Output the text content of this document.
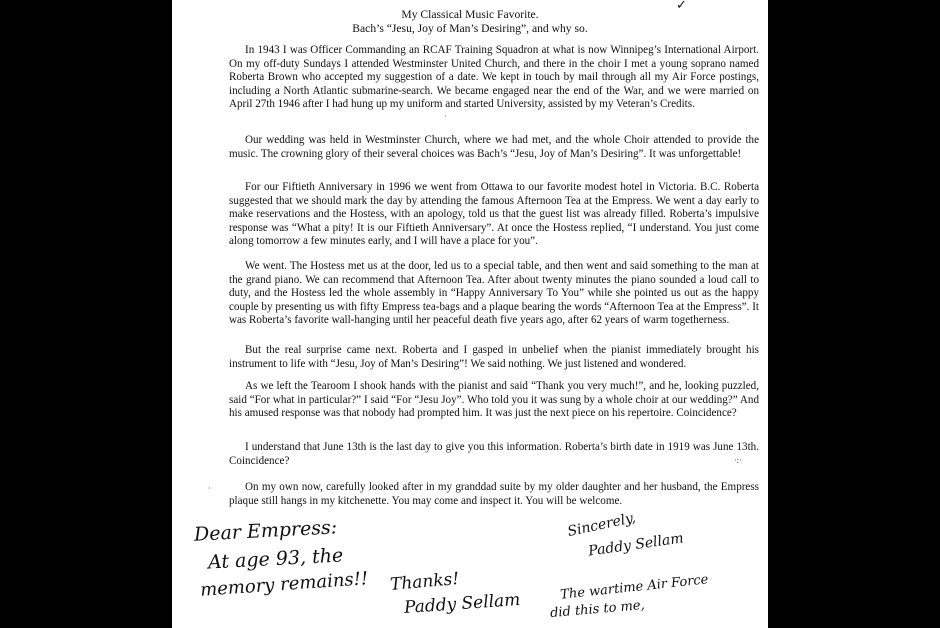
✓
My Classical Music Favorite.
Bach’s “Jesu, Joy of Man’s Desiring”, and why so.

In 1943 I was Officer Commanding an RCAF Training Squadron at what is now Winnipeg’s International Airport. On my off-duty Sundays I attended Westminster United Church, and there in the choir I met a young soprano named Roberta Brown who accepted my suggestion of a date. We kept in touch by mail through all my Air Force postings, including a North Atlantic submarine-search. We became engaged near the end of the War, and we were married on April 27th 1946 after I had hung up my uniform and started University, assisted by my Veteran’s Credits.

Our wedding was held in Westminster Church, where we had met, and the whole Choir attended to provide the music. The crowning glory of their several choices was Bach’s “Jesu, Joy of Man’s Desiring”. It was unforgettable!

For our Fiftieth Anniversary in 1996 we went from Ottawa to our favorite modest hotel in Victoria. B.C. Roberta suggested that we should mark the day by attending the famous Afternoon Tea at the Empress. We went a day early to make reservations and the Hostess, with an apology, told us that the guest list was already filled. Roberta’s impulsive response was “What a pity! It is our Fiftieth Anniversary”. At once the Hostess replied, “I understand. You just come along tomorrow a few minutes early, and I will have a place for you”.

We went. The Hostess met us at the door, led us to a special table, and then went and said something to the man at the grand piano. We can recommend that Afternoon Tea. After about twenty minutes the piano sounded a loud call to duty, and the Hostess led the whole assembly in “Happy Anniversary To You” while she pointed us out as the happy couple by presenting us with fifty Empress tea-bags and a plaque bearing the words “Afternoon Tea at the Empress”. It was Roberta’s favorite wall-hanging until her peaceful death five years ago, after 62 years of warm togetherness.

But the real surprise came next. Roberta and I gasped in unbelief when the pianist immediately brought his instrument to life with “Jesu, Joy of Man’s Desiring”! We said nothing. We just listened and wondered.

As we left the Tearoom I shook hands with the pianist and said “Thank you very much!”, and he, looking puzzled, said “For what in particular?” I said “For “Jesu Joy”. Who told you it was sung by a whole choir at our wedding?” And his amused response was that nobody had prompted him. It was just the next piece on his repertoire. Coincidence?

I understand that June 13th is the last day to give you this information. Roberta’s birth date in 1919 was June 13th. Coincidence?

On my own now, carefully looked after in my granddad suite by my older daughter and her husband, the Empress plaque still hangs in my kitchenette. You may come and inspect it. You will be welcome.

Dear Empress:
At age 93, the
memory remains!! Thanks!
Paddy Sellam
Sincerely,
Paddy Sellam
The wartime Air Force
did this to me,
·
·
·:·
